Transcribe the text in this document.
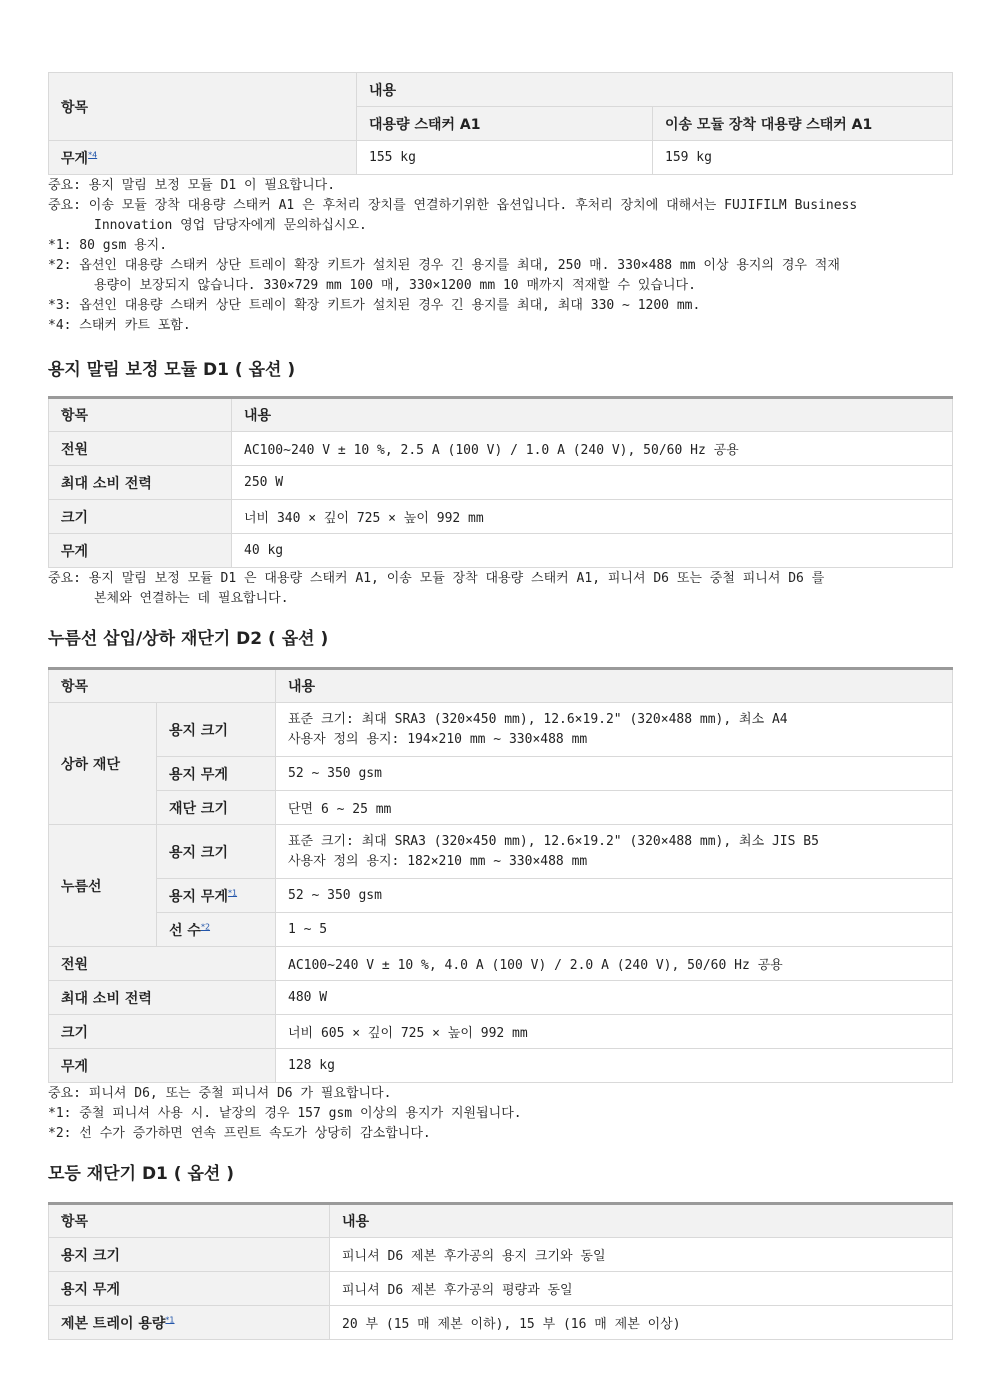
항목	내용	
	대용량 스태커 A1	이송 모듈 장착 대용량 스태커 A1
무게$^{*4}$	155 kg	159 kg
중요: 용지 말림 보정 모듈 D1 이 필요합니다.
중요: 이송 모듈 장착 대용량 스태커 A1 은 후처리 장치를 연결하기위한 옵션입니다. 후처리 장치에 대해서는 FUJIFILM Business
Innovation 영업 담당자에게 문의하십시오.
*1: 80 gsm 용지.
*2: 옵션인 대용량 스태커 상단 트레이 확장 키트가 설치된 경우 긴 용지를 최대, 250 매. 330×488 mm 이상 용지의 경우 적재
용량이 보장되지 않습니다. 330×729 mm 100 매, 330×1200 mm 10 매까지 적재할 수 있습니다.
*3: 옵션인 대용량 스태커 상단 트레이 확장 키트가 설치된 경우 긴 용지를 최대, 최대 330 ~ 1200 mm.
*4: 스태커 카트 포함.
용지 말림 보정 모듈 D1 ( 옵션 )
항목	내용
전원	AC100~240 V ± 10 %, 2.5 A (100 V) / 1.0 A (240 V), 50/60 Hz 공용
최대 소비 전력	250 W
크기	너비 340 × 깊이 725 × 높이 992 mm
무게	40 kg
중요: 용지 말림 보정 모듈 D1 은 대용량 스태커 A1, 이송 모듈 장착 대용량 스태커 A1, 피니셔 D6 또는 중철 피니셔 D6 를
본체와 연결하는 데 필요합니다.
누름선 삽입/상하 재단기 D2 ( 옵션 )
항목		내용
상하 재단	용지 크기	표준 크기: 최대 SRA3 (320×450 mm), 12.6×19.2" (320×488 mm), 최소 A4
사용자 정의 용지: 194×210 mm ~ 330×488 mm

	용지 무게	52 ~ 350 gsm
	재단 크기	단면 6 ~ 25 mm
누름선	용지 크기	표준 크기: 최대 SRA3 (320×450 mm), 12.6×19.2" (320×488 mm), 최소 JIS B5
사용자 정의 용지: 182×210 mm ~ 330×488 mm

	용지 무게$^{*1}$	52 ~ 350 gsm
	선 수$^{*2}$	1 ~ 5
전원		AC100~240 V ± 10 %, 4.0 A (100 V) / 2.0 A (240 V), 50/60 Hz 공용
최대 소비 전력		480 W
크기		너비 605 × 깊이 725 × 높이 992 mm
무게		128 kg
중요: 피니셔 D6, 또는 중철 피니셔 D6 가 필요합니다.
*1: 중철 피니셔 사용 시. 낱장의 경우 157 gsm 이상의 용지가 지원됩니다.
*2: 선 수가 증가하면 연속 프린트 속도가 상당히 감소합니다.
모등 재단기 D1 ( 옵션 )
항목	내용
용지 크기	피니셔 D6 제본 후가공의 용지 크기와 동일
용지 무게	피니셔 D6 제본 후가공의 평량과 동일
제본 트레이 용량$^{*1}$	20 부 (15 매 제본 이하), 15 부 (16 매 제본 이상)
